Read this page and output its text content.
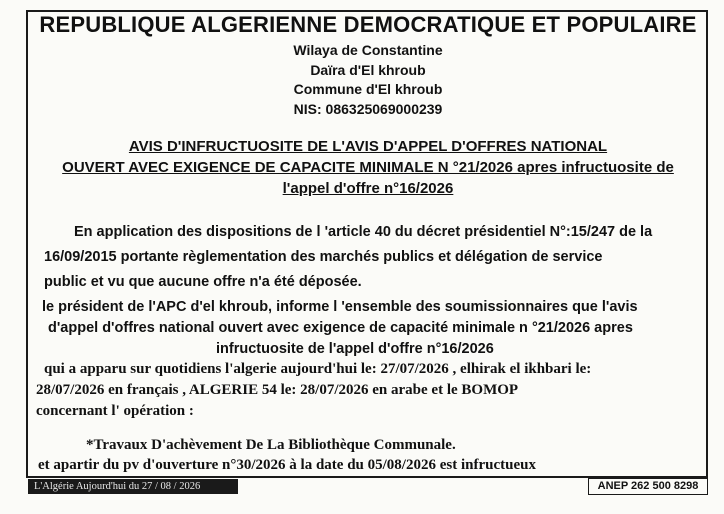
REPUBLIQUE ALGERIENNE DEMOCRATIQUE ET POPULAIRE
Wilaya de Constantine
Daïra d'El khroub
Commune d'El khroub
NIS: 086325069000239
AVIS D'INFRUCTUOSITE DE L'AVIS D'APPEL D'OFFRES NATIONAL
OUVERT AVEC EXIGENCE DE CAPACITE MINIMALE N °21/2026 apres infructuosite de
l'appel d'offre n°16/2026
En application des dispositions de l 'article 40 du décret présidentiel N°:15/247 de la
16/09/2015 portante règlementation des marchés publics et délégation de service
public et vu que aucune offre n'a été déposée.
le président de l'APC d'el khroub, informe l 'ensemble des soumissionnaires que l'avis
d'appel d'offres national ouvert avec exigence de capacité minimale n °21/2026 apres
infructuosite de l'appel d'offre n°16/2026
qui a apparu sur quotidiens l'algerie aujourd'hui le: 27/07/2026 , elhirak el ikhbari le:
28/07/2026 en français , ALGERIE 54 le: 28/07/2026 en arabe et le BOMOP
concernant l' opération :
*Travaux D'achèvement De La Bibliothèque Communale.
et apartir du pv d'ouverture n°30/2026 à la date du 05/08/2026 est infructueux
L'Algérie Aujourd'hui du 27 / 08 / 2026	ANEP 262 500 8298
